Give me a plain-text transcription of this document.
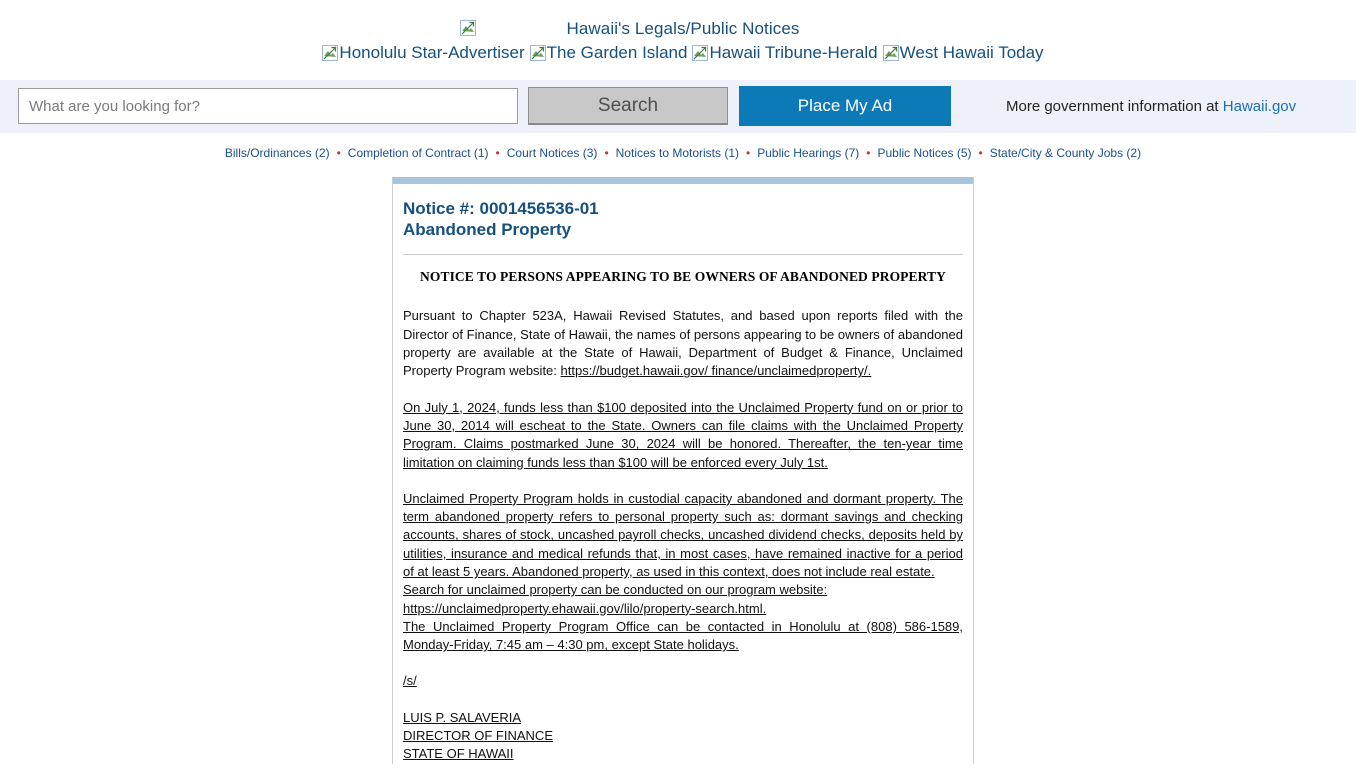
Hawaii's Legals/Public Notices
Honolulu Star-Advertiser The Garden Island Hawaii Tribune-Herald West Hawaii Today
What are you looking for?
Search	Place My Ad	More government information at Hawaii.gov
Bills/Ordinances (2) • Completion of Contract (1) • Court Notices (3) • Notices to Motorists (1) • Public Hearings (7) • Public Notices (5) • State/City & County Jobs (2)
Notice #: 0001456536-01
Abandoned Property
NOTICE TO PERSONS APPEARING TO BE OWNERS OF ABANDONED PROPERTY

Pursuant to Chapter 523A, Hawaii Revised Statutes, and based upon reports filed with the Director of Finance, State of Hawaii, the names of persons appearing to be owners of abandoned property are available at the State of Hawaii, Department of Budget & Finance, Unclaimed Property Program website: https://budget.hawaii.gov/ finance/unclaimedproperty/.

On July 1, 2024, funds less than $100 deposited into the Unclaimed Property fund on or prior to June 30, 2014 will escheat to the State. Owners can file claims with the Unclaimed Property Program. Claims postmarked June 30, 2024 will be honored. Thereafter, the ten-year time limitation on claiming funds less than $100 will be enforced every July 1st.

Unclaimed Property Program holds in custodial capacity abandoned and dormant property. The term abandoned property refers to personal property such as: dormant savings and checking accounts, shares of stock, uncashed payroll checks, uncashed dividend checks, deposits held by utilities, insurance and medical refunds that, in most cases, have remained inactive for a period of at least 5 years. Abandoned property, as used in this context, does not include real estate.

Search for unclaimed property can be conducted on our program website:

https://unclaimedproperty.ehawaii.gov/lilo/property-search.html.

The Unclaimed Property Program Office can be contacted in Honolulu at (808) 586-1589, Monday-Friday, 7:45 am – 4:30 pm, except State holidays.

/s/

LUIS P. SALAVERIA
DIRECTOR OF FINANCE
STATE OF HAWAII
